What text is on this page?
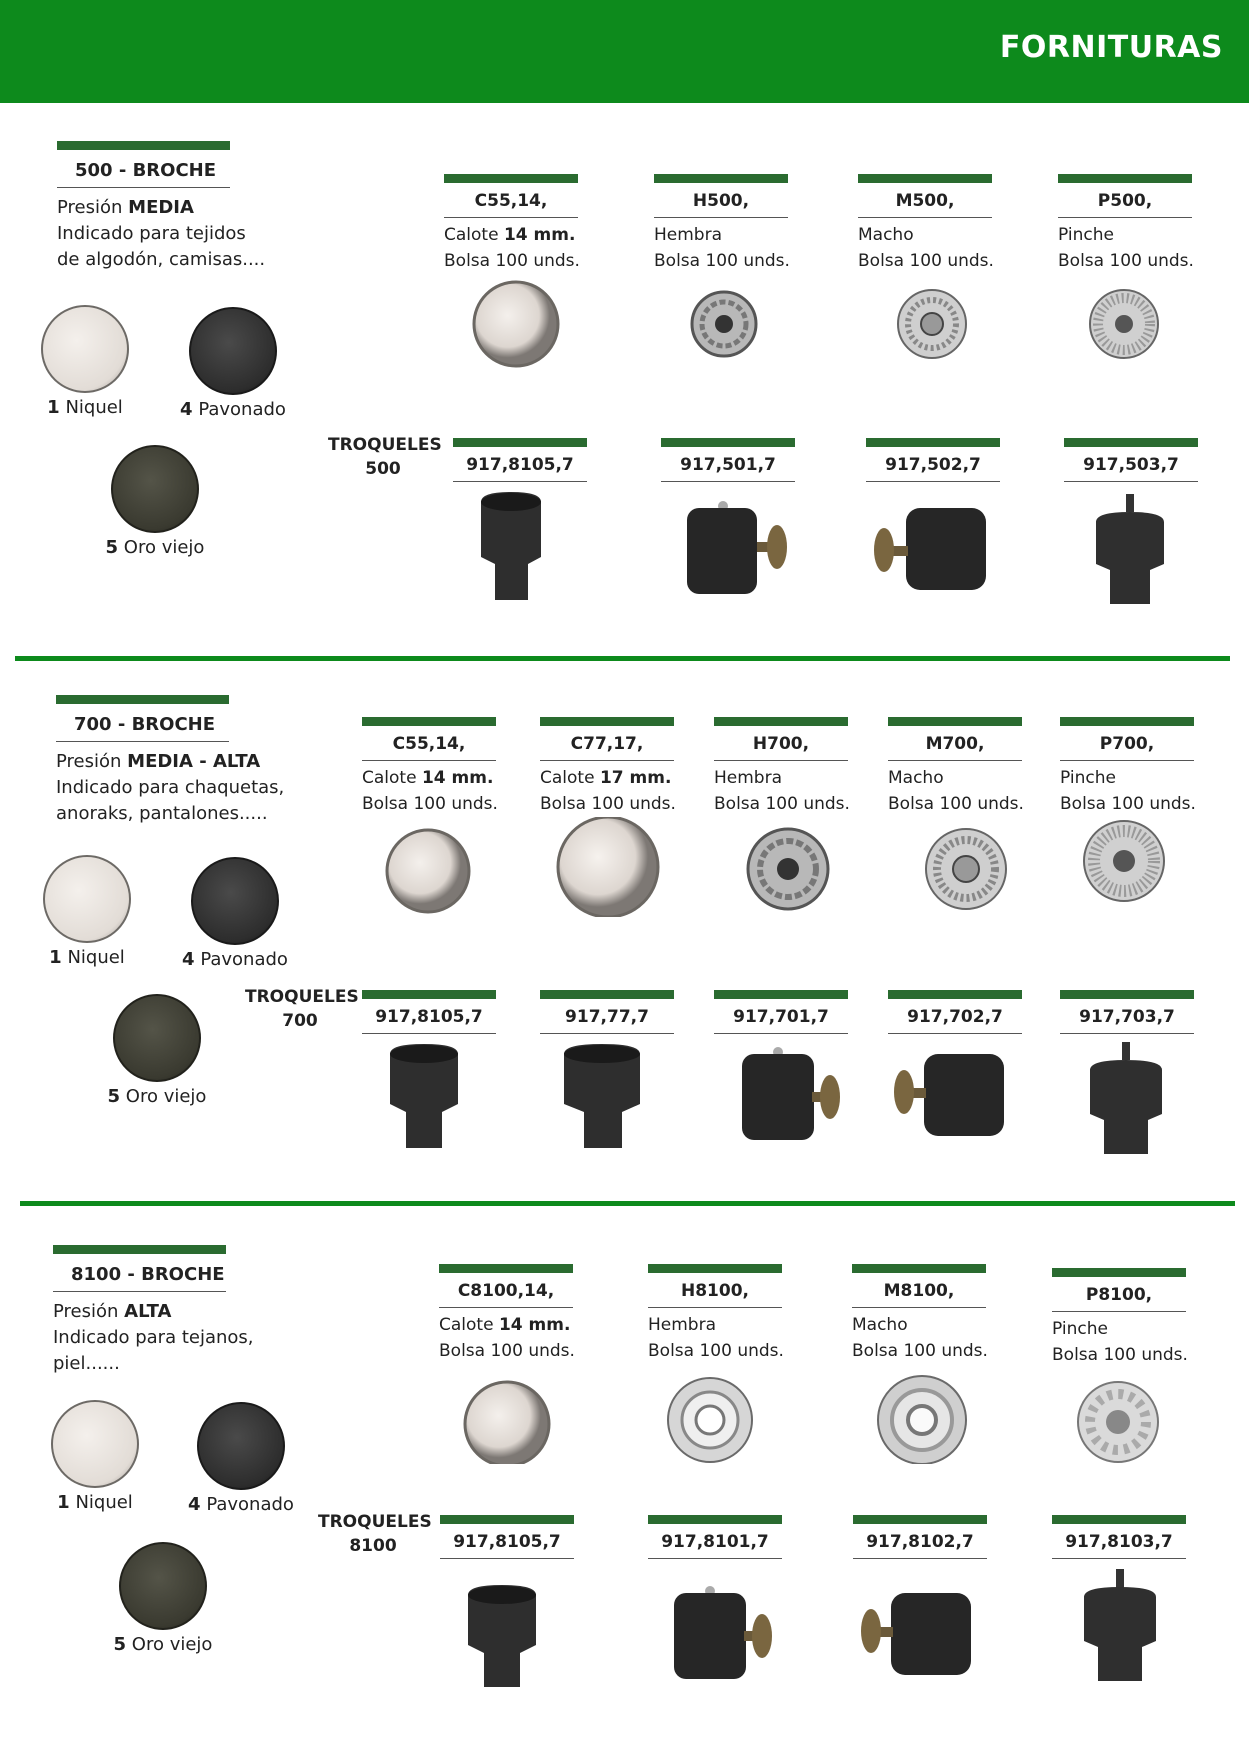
FORNITURAS
500 - BROCHE
Presión MEDIA
Indicado para tejidos
de algodón, camisas....
1 Niquel	4 Pavonado
5 Oro viejo
TROQUELES
500
C55,14,
Calote 14 mm.
Bolsa 100 unds.
H500,
Hembra
Bolsa 100 unds.
M500,
Macho
Bolsa 100 unds.
P500,
Pinche
Bolsa 100 unds.
917,8105,7	917,501,7	917,502,7	917,503,7
700 - BROCHE
Presión MEDIA - ALTA
Indicado para chaquetas,
anoraks, pantalones.....
1 Niquel	4 Pavonado
5 Oro viejo
TROQUELES
700
C55,14,
Calote 14 mm.
Bolsa 100 unds.
C77,17,
Calote 17 mm.
Bolsa 100 unds.
H700,
Hembra
Bolsa 100 unds.
M700,
Macho
Bolsa 100 unds.
P700,
Pinche
Bolsa 100 unds.
917,8105,7	917,77,7	917,701,7	917,702,7	917,703,7
8100 - BROCHE
Presión ALTA
Indicado para tejanos,
piel......
1 Niquel	4 Pavonado
5 Oro viejo
TROQUELES
8100
C8100,14,
Calote 14 mm.
Bolsa 100 unds.
H8100,
Hembra
Bolsa 100 unds.
M8100,
Macho
Bolsa 100 unds.
P8100,
Pinche
Bolsa 100 unds.
917,8105,7	917,8101,7	917,8102,7	917,8103,7
